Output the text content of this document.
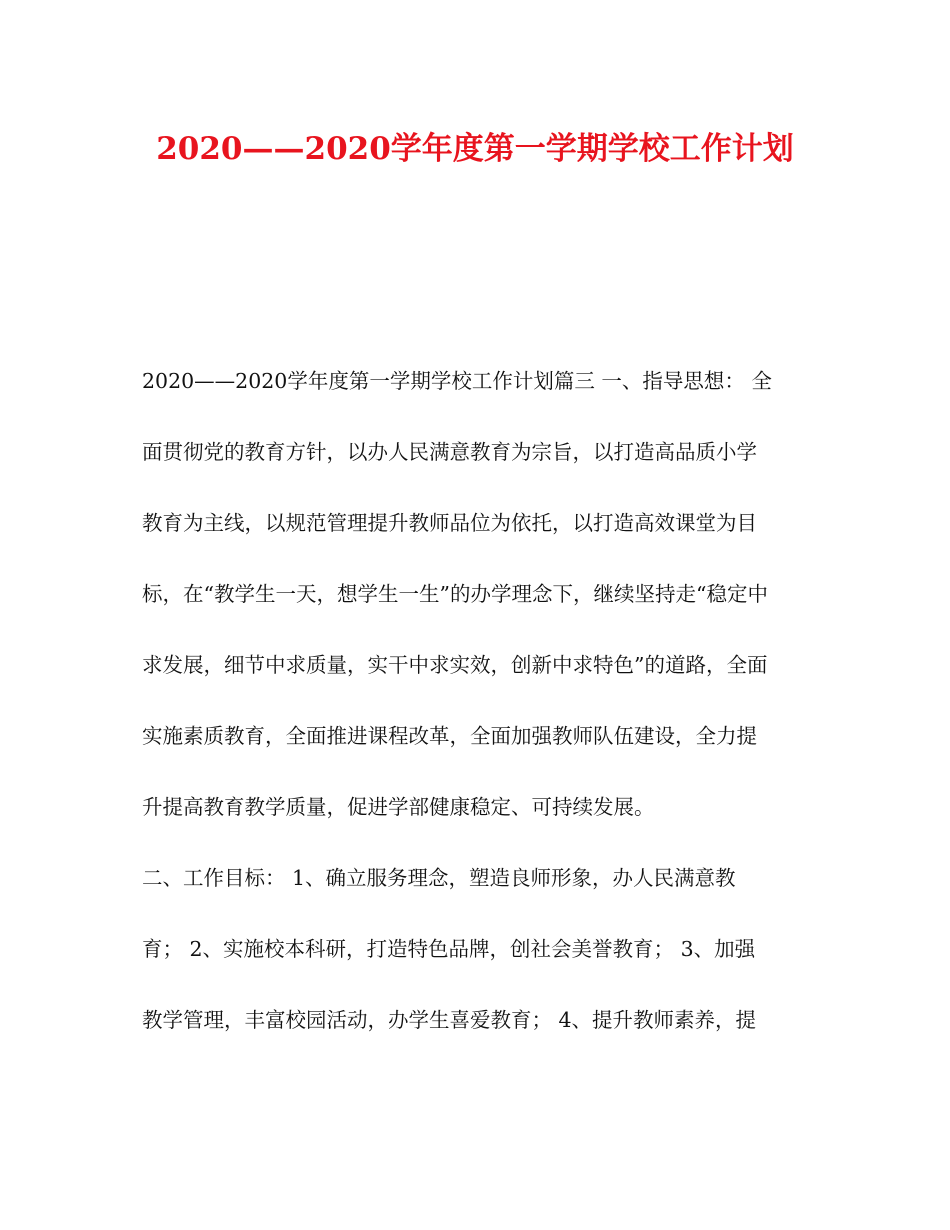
2020——2020学年度第一学期学校工作计划
2020——2020学年度第一学期学校工作计划篇三 一、指导思想： 全
面贯彻党的教育方针，以办人民满意教育为宗旨，以打造高品质小学
教育为主线，以规范管理提升教师品位为依托，以打造高效课堂为目
标，在“教学生一天，想学生一生”的办学理念下，继续坚持走“稳定中
求发展，细节中求质量，实干中求实效，创新中求特色”的道路，全面
实施素质教育，全面推进课程改革，全面加强教师队伍建设，全力提
升提高教育教学质量，促进学部健康稳定、可持续发展。
二、工作目标： 1、确立服务理念，塑造良师形象，办人民满意教
育； 2、实施校本科研，打造特色品牌，创社会美誉教育； 3、加强
教学管理，丰富校园活动，办学生喜爱教育； 4、提升教师素养，提
